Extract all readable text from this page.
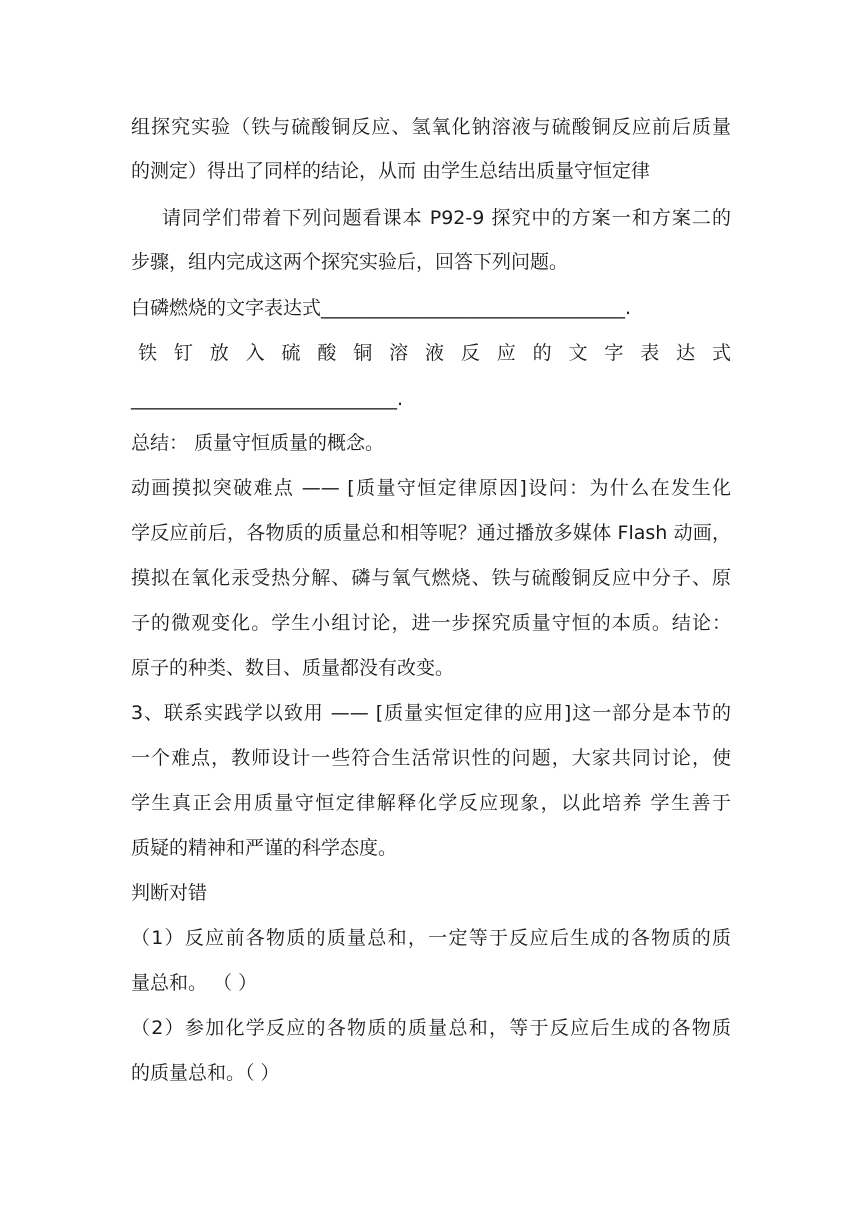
组探究实验（铁与硫酸铜反应、氢氧化钠溶液与硫酸铜反应前后质量
的测定）得出了同样的结论，从而 由学生总结出质量守恒定律
请同学们带着下列问题看课本 P92-9 探究中的方案一和方案二的
步骤，组内完成这两个探究实验后，回答下列问题。
白磷燃烧的文字表达式________________________________.
铁钉放入硫酸铜溶液反应的文字表达式
____________________________.
总结： 质量守恒质量的概念。
动画摸拟突破难点 —— [质量守恒定律原因]设问：为什么在发生化
学反应前后，各物质的质量总和相等呢？通过播放多媒体 Flash 动画，
摸拟在氧化汞受热分解、磷与氧气燃烧、铁与硫酸铜反应中分子、原
子的微观变化。学生小组讨论，进一步探究质量守恒的本质。结论：
原子的种类、数目、质量都没有改变。
3、联系实践学以致用 —— [质量实恒定律的应用]这一部分是本节的
一个难点，教师设计一些符合生活常识性的问题，大家共同讨论，使
学生真正会用质量守恒定律解释化学反应现象，以此培养 学生善于
质疑的精神和严谨的科学态度。
判断对错
（1）反应前各物质的质量总和，一定等于反应后生成的各物质的质
量总和。 （ ）
（2）参加化学反应的各物质的质量总和，等于反应后生成的各物质
的质量总和。（ ）
